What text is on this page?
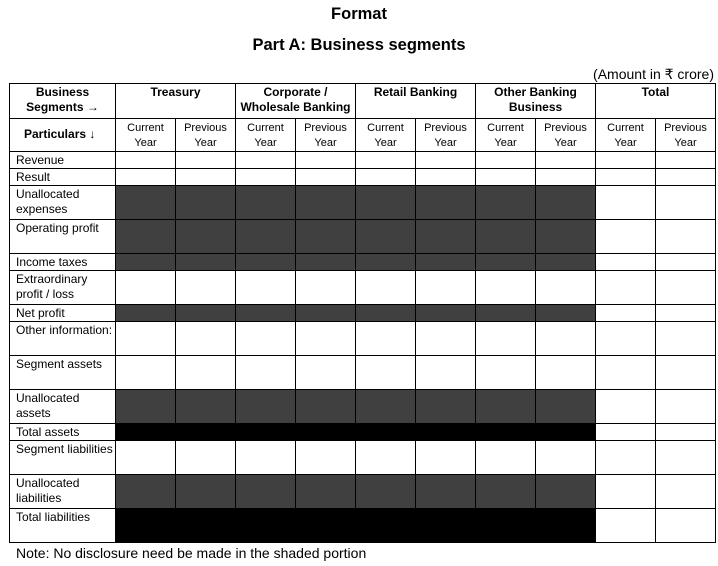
Format
Part A: Business segments
(Amount in ₹ crore)
Business Segments →	Treasury		Corporate / Wholesale Banking		Retail Banking		Other Banking Business		Total	
Particulars ↓	Current Year	Previous Year	Current Year	Previous Year	Current Year	Previous Year	Current Year	Previous Year	Current Year	Previous Year
Revenue										
Result										
Unallocated expenses										
Operating profit										
Income taxes										
Extraordinary profit / loss										
Net profit										
Other information:										
Segment assets										
Unallocated assets										
Total assets										
Segment liabilities										
Unallocated liabilities										
Total liabilities										
Note: No disclosure need be made in the shaded portion
